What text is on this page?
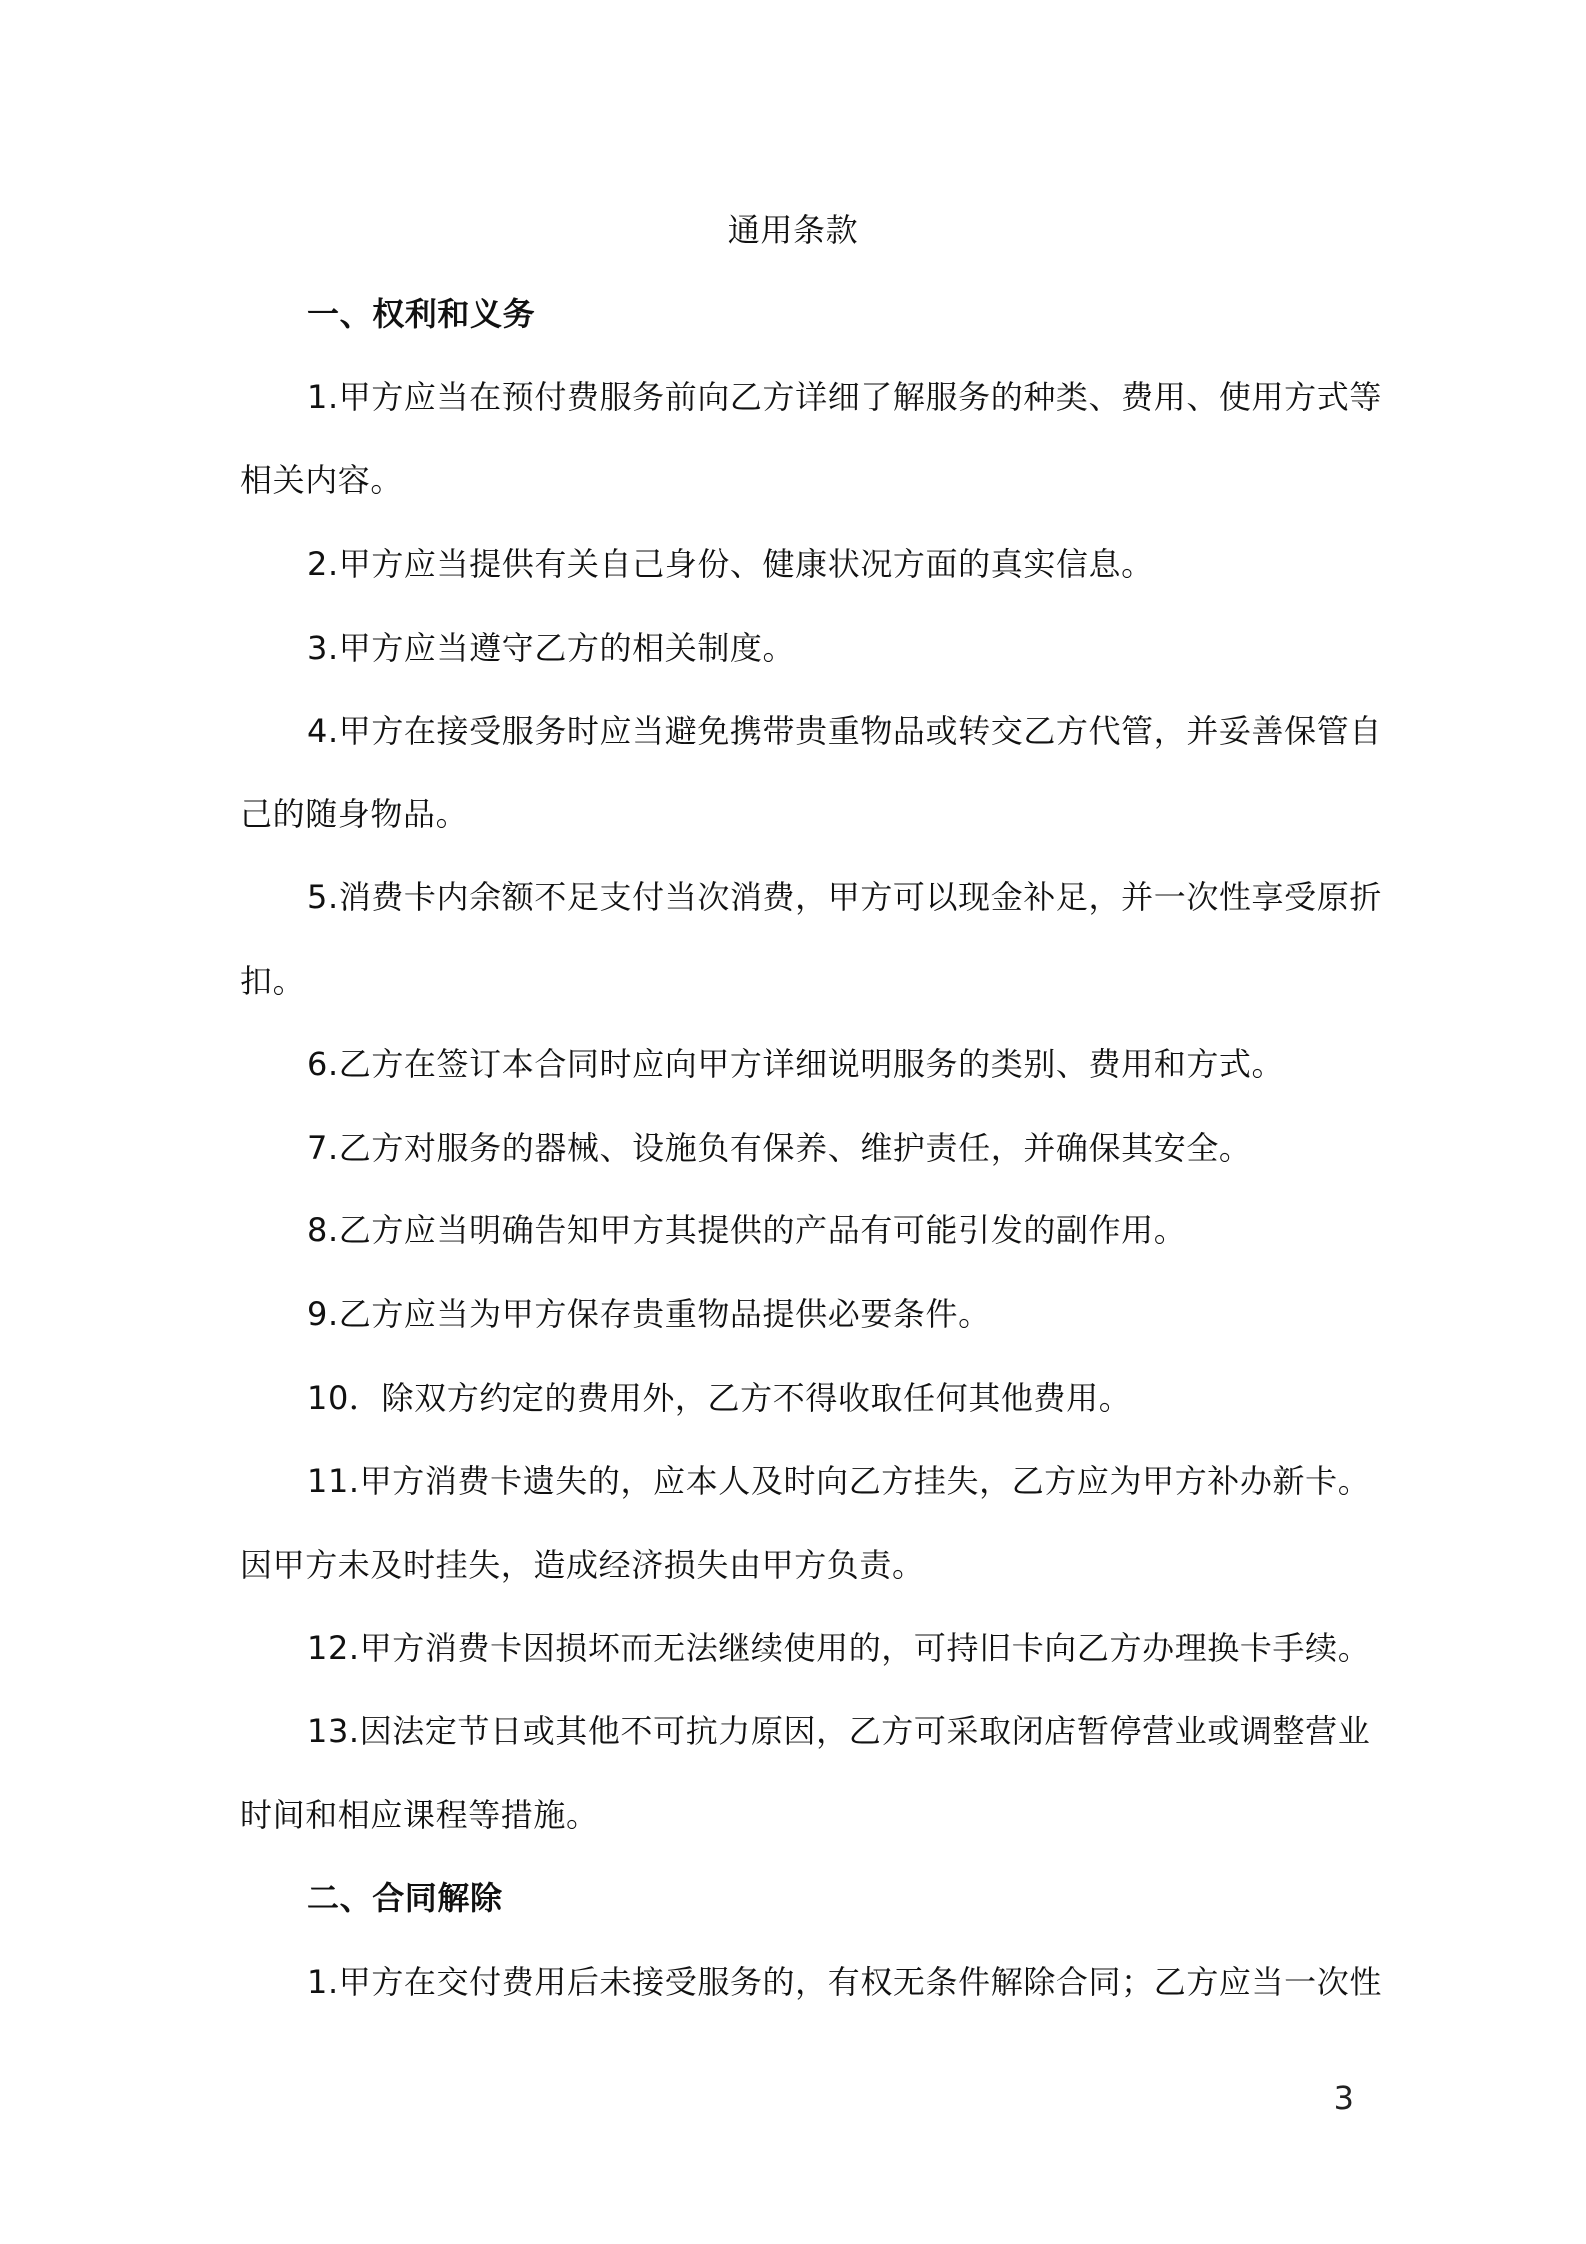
通用条款
一、权利和义务
1.甲方应当在预付费服务前向乙方详细了解服务的种类、费用、使用方式等
相关内容。
2.甲方应当提供有关自己身份、健康状况方面的真实信息。
3.甲方应当遵守乙方的相关制度。
4.甲方在接受服务时应当避免携带贵重物品或转交乙方代管，并妥善保管自
己的随身物品。
5.消费卡内余额不足支付当次消费，甲方可以现金补足，并一次性享受原折
扣。
6.乙方在签订本合同时应向甲方详细说明服务的类别、费用和方式。
7.乙方对服务的器械、设施负有保养、维护责任，并确保其安全。
8.乙方应当明确告知甲方其提供的产品有可能引发的副作用。
9.乙方应当为甲方保存贵重物品提供必要条件。
10．除双方约定的费用外，乙方不得收取任何其他费用。
11.甲方消费卡遗失的，应本人及时向乙方挂失，乙方应为甲方补办新卡。
因甲方未及时挂失，造成经济损失由甲方负责。
12.甲方消费卡因损坏而无法继续使用的，可持旧卡向乙方办理换卡手续。
13.因法定节日或其他不可抗力原因，乙方可采取闭店暂停营业或调整营业
时间和相应课程等措施。
二、合同解除
1.甲方在交付费用后未接受服务的，有权无条件解除合同；乙方应当一次性
3
